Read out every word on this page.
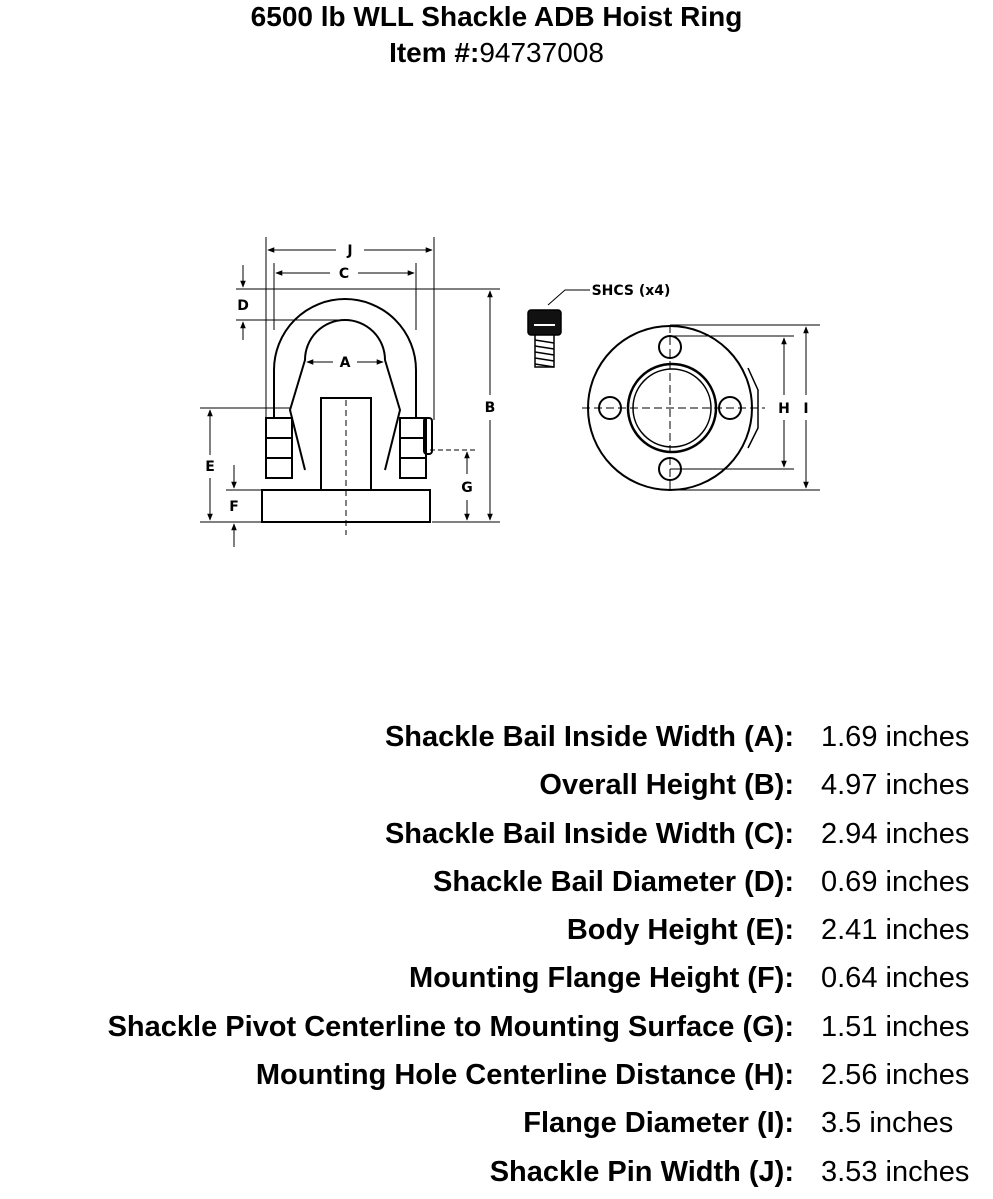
6500 lb WLL Shackle ADB Hoist Ring
Item #:94737008
J
C
A
D
B
E
F
G
H I
SHCS (x4)
Shackle Bail Inside Width (A): 1.69 inches
Overall Height (B): 4.97 inches
Shackle Bail Inside Width (C): 2.94 inches
Shackle Bail Diameter (D): 0.69 inches
Body Height (E): 2.41 inches
Mounting Flange Height (F): 0.64 inches
Shackle Pivot Centerline to Mounting Surface (G): 1.51 inches
Mounting Hole Centerline Distance (H): 2.56 inches
Flange Diameter (I): 3.5 inches
Shackle Pin Width (J): 3.53 inches
